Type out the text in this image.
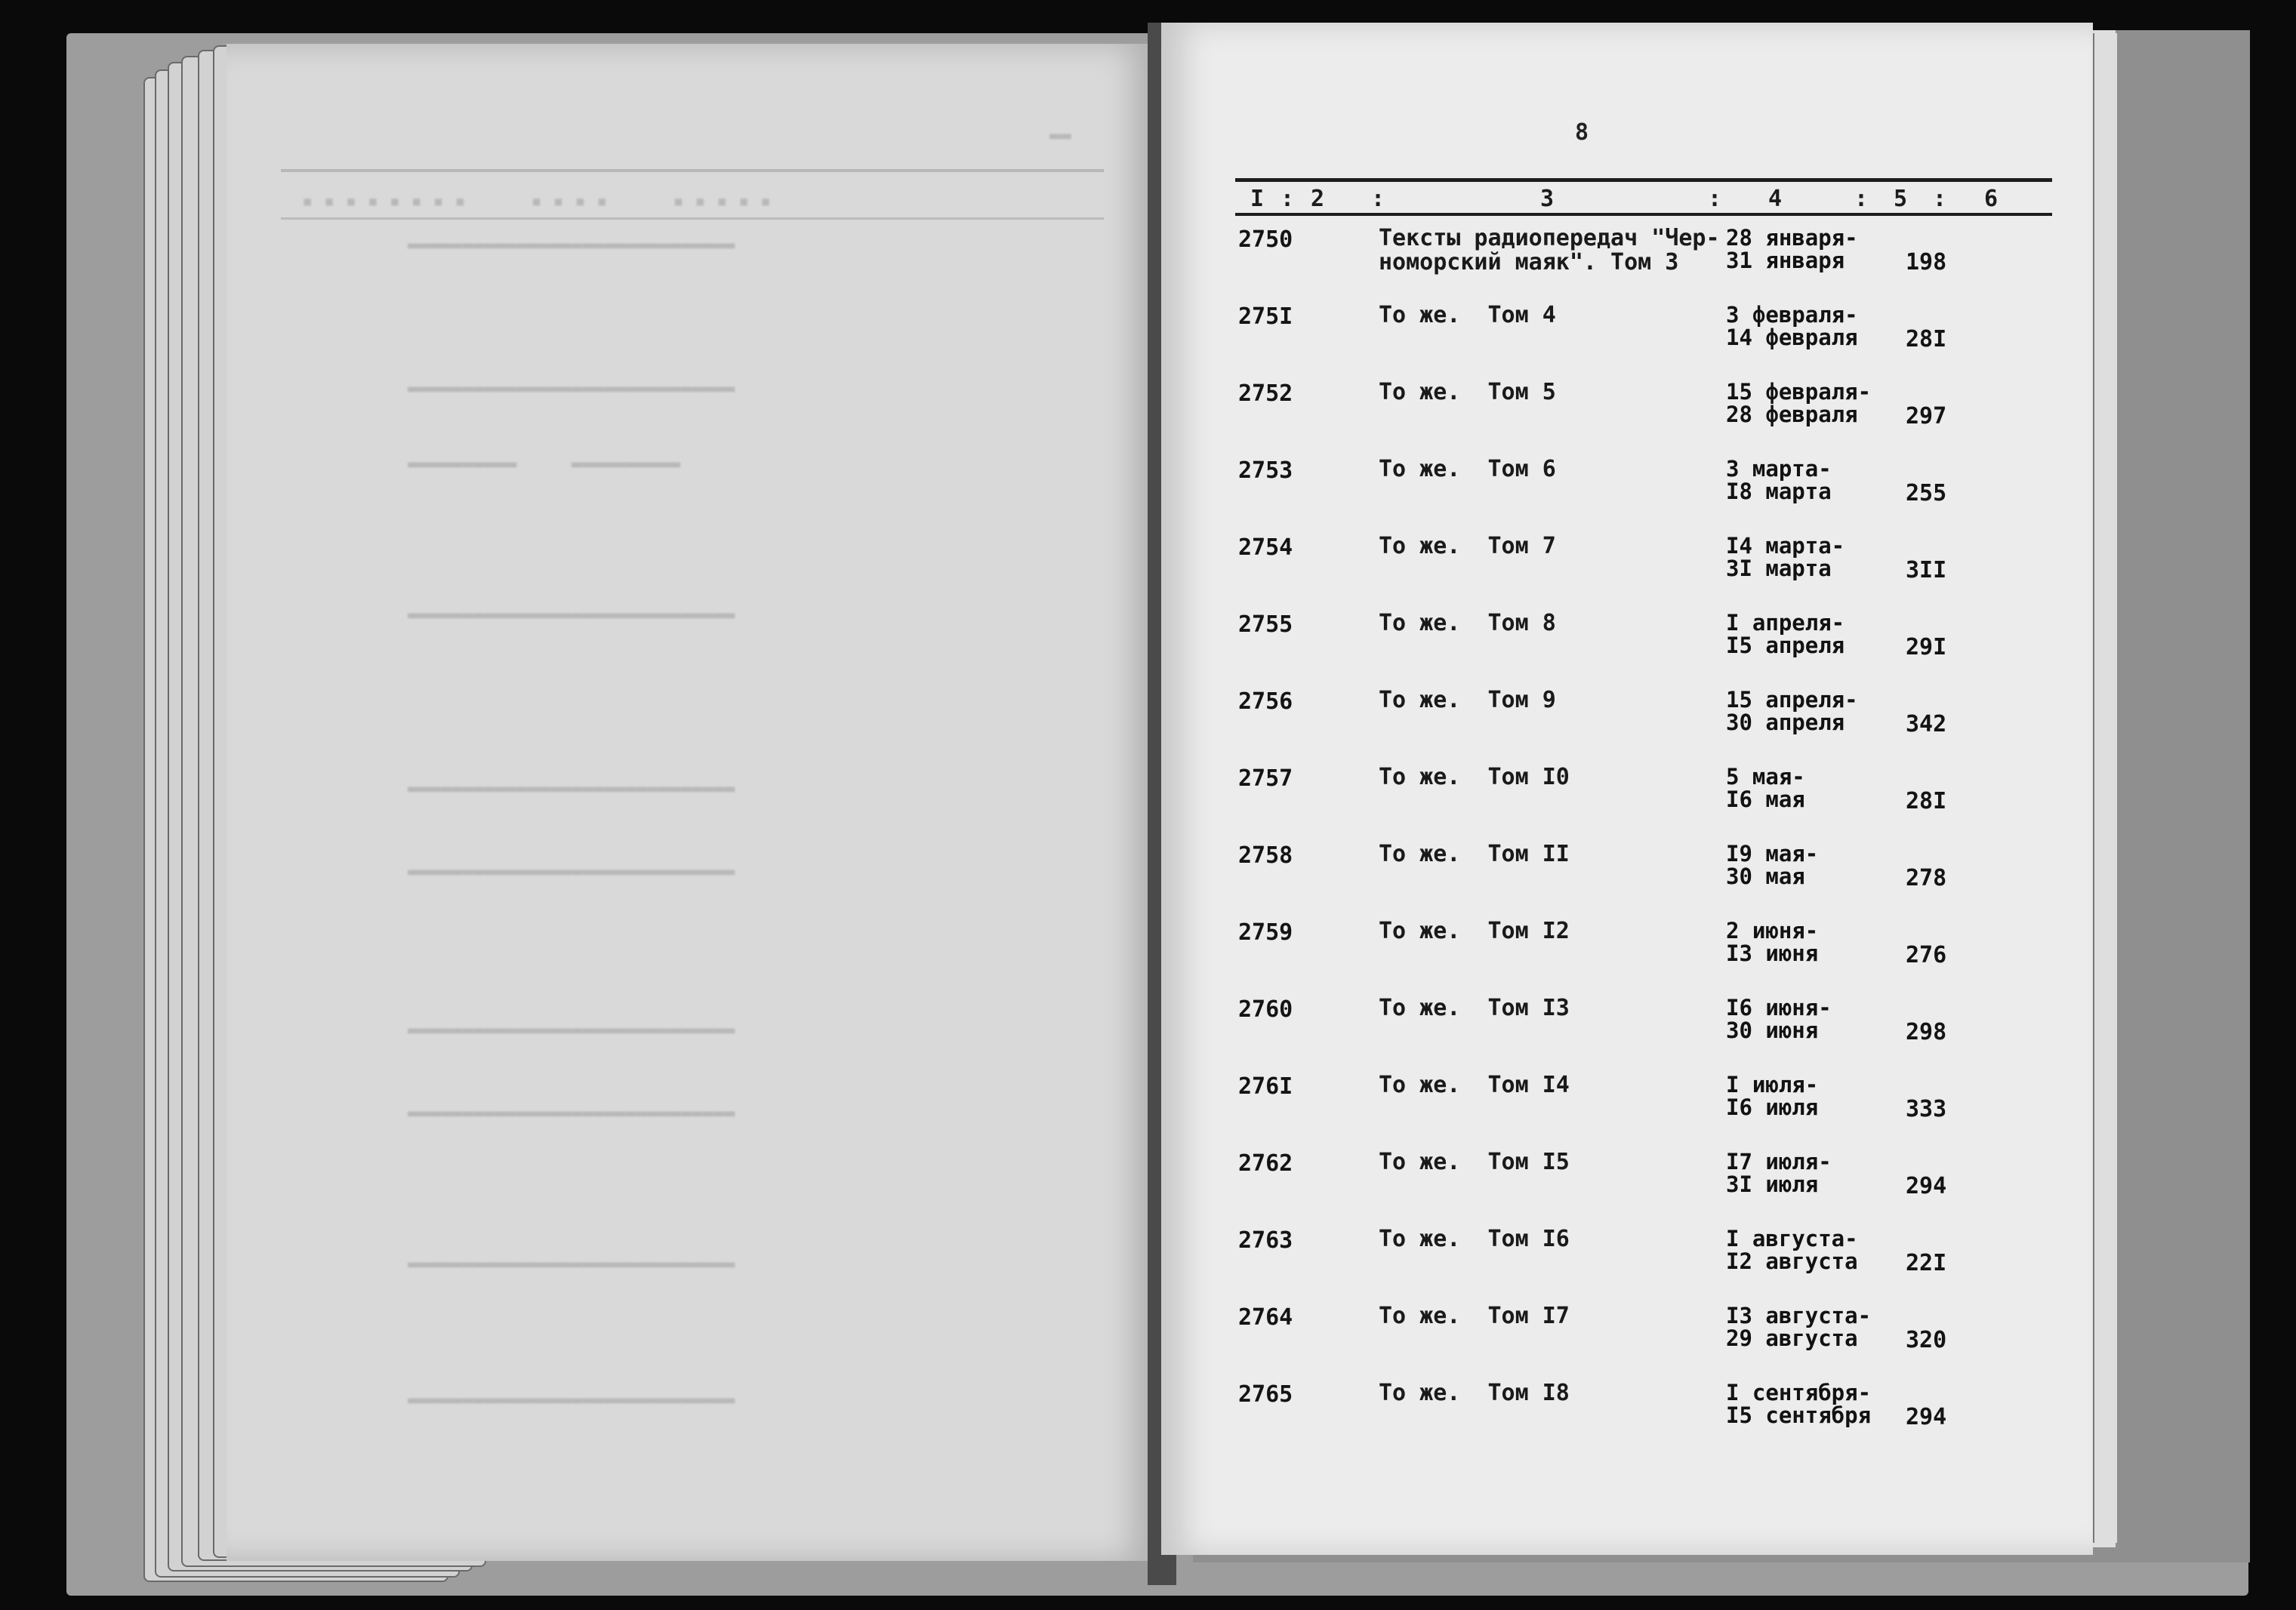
▬▬
▪ ▪ ▪ ▪ ▪ ▪ ▪ ▪      ▪ ▪ ▪ ▪      ▪ ▪ ▪ ▪ ▪
▬▬▬▬▬▬▬▬▬▬▬▬▬▬▬▬▬▬▬▬▬▬▬▬▬▬▬▬▬▬
▬▬▬▬▬▬▬▬▬▬▬▬▬▬▬▬▬▬▬▬▬▬▬▬▬▬▬▬▬▬
▬▬▬▬▬▬▬▬▬▬     ▬▬▬▬▬▬▬▬▬▬
▬▬▬▬▬▬▬▬▬▬▬▬▬▬▬▬▬▬▬▬▬▬▬▬▬▬▬▬▬▬
▬▬▬▬▬▬▬▬▬▬▬▬▬▬▬▬▬▬▬▬▬▬▬▬▬▬▬▬▬▬
▬▬▬▬▬▬▬▬▬▬▬▬▬▬▬▬▬▬▬▬▬▬▬▬▬▬▬▬▬▬
▬▬▬▬▬▬▬▬▬▬▬▬▬▬▬▬▬▬▬▬▬▬▬▬▬▬▬▬▬▬
▬▬▬▬▬▬▬▬▬▬▬▬▬▬▬▬▬▬▬▬▬▬▬▬▬▬▬▬▬▬
▬▬▬▬▬▬▬▬▬▬▬▬▬▬▬▬▬▬▬▬▬▬▬▬▬▬▬▬▬▬
▬▬▬▬▬▬▬▬▬▬▬▬▬▬▬▬▬▬▬▬▬▬▬▬▬▬▬▬▬▬
8
I : 2 :	3	: 4	: 5 : 6
2750	Тексты радиопередач "Чер-
номорский маяк". Том 3
28 января-
31 января	198
275I	То же.  Том 4	3 февраля-
14 февраля 28I
2752	То же.  Том 5	15 февраля-
28 февраля	297
2753	То же.  Том 6	3 марта-
I8 марта	255
2754	То же.  Том 7	I4 марта-
3I марта	3II
2755	То же.  Том 8	I апреля-
I5 апреля	29I
2756	То же.  Том 9	15 апреля-
30 апреля	342
2757	То же.  Том I0	5 мая-
I6 мая	28I
2758	То же.  Том II	I9 мая-
30 мая	278
2759	То же.  Том I2	2 июня-
I3 июня	276
2760	То же.  Том I3	I6 июня-
30 июня	298
276I	То же.  Том I4	I июля-
I6 июля	333
2762	То же.  Том I5	I7 июля-
3I июля	294
2763	То же.  Том I6	I августа-
I2 августа 22I
2764	То же.  Том I7	I3 августа-
29 августа	320
2765	То же.  Том I8	I сентября-
I5 сентября 294
